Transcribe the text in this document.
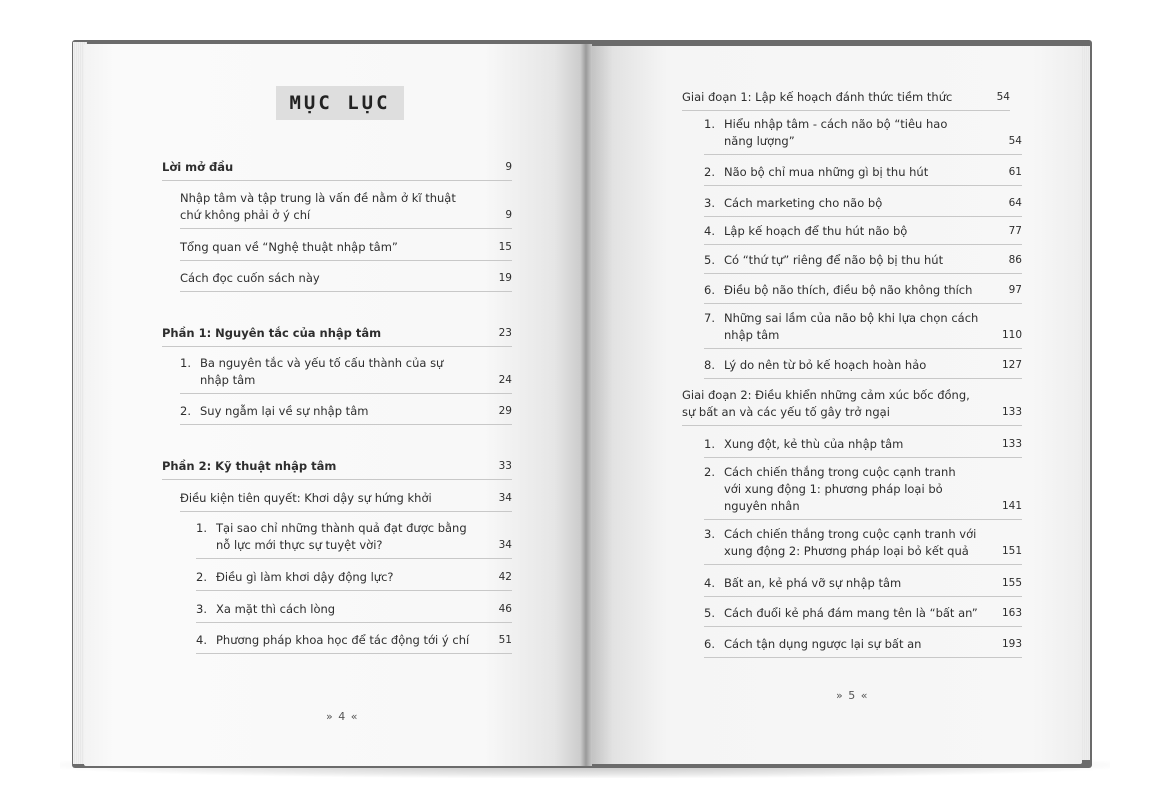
MỤC LỤC
Lời mở đầu	9
Nhập tâm và tập trung là vấn đề nằm ở kĩ thuật
chứ không phải ở ý chí	9
Tổng quan về “Nghệ thuật nhập tâm”	15
Cách đọc cuốn sách này	19
Phần 1: Nguyên tắc của nhập tâm	23
1. Ba nguyên tắc và yếu tố cấu thành của sự
nhập tâm	24
2. Suy ngẫm lại về sự nhập tâm	29
Phần 2: Kỹ thuật nhập tâm	33
Điều kiện tiên quyết: Khơi dậy sự hứng khởi	34
1. Tại sao chỉ những thành quả đạt được bằng
nỗ lực mới thực sự tuyệt vời?	34
2. Điều gì làm khơi dậy động lực?	42
3. Xa mặt thì cách lòng	46
4. Phương pháp khoa học để tác động tới ý chí	51
» 4 «
Giai đoạn 1: Lập kế hoạch đánh thức tiềm thức	54
1. Hiểu nhập tâm - cách não bộ “tiêu hao
năng lượng”	54
2. Não bộ chỉ mua những gì bị thu hút	61
3. Cách marketing cho não bộ	64
4. Lập kế hoạch để thu hút não bộ	77
5. Có “thứ tự” riêng để não bộ bị thu hút	86
6. Điều bộ não thích, điều bộ não không thích	97
7. Những sai lầm của não bộ khi lựa chọn cách
nhập tâm	110
8. Lý do nên từ bỏ kế hoạch hoàn hảo	127
Giai đoạn 2: Điều khiển những cảm xúc bốc đồng,
sự bất an và các yếu tố gây trở ngại	133
1. Xung đột, kẻ thù của nhập tâm	133
2. Cách chiến thắng trong cuộc cạnh tranh
với xung động 1: phương pháp loại bỏ
nguyên nhân	141
3. Cách chiến thắng trong cuộc cạnh tranh với
xung động 2: Phương pháp loại bỏ kết quả	151
4. Bất an, kẻ phá vỡ sự nhập tâm	155
5. Cách đuổi kẻ phá đám mang tên là “bất an” 163
6. Cách tận dụng ngược lại sự bất an	193
» 5 «
